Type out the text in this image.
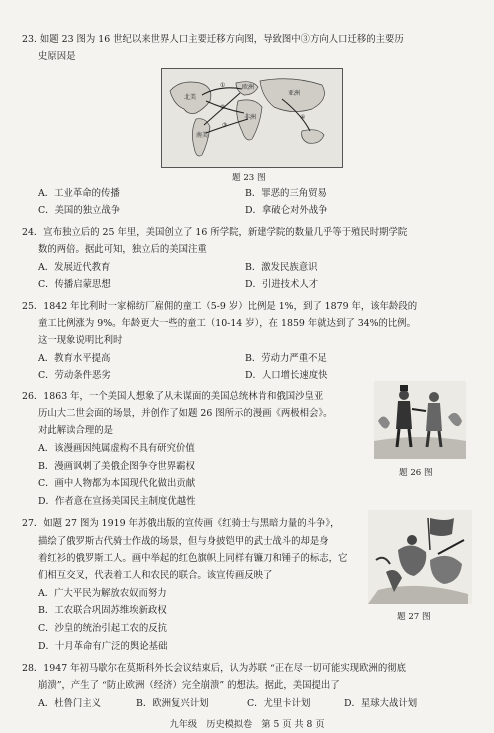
23. 如题 23 图为 16 世纪以来世界人口主要迁移方向图，导致图中③方向人口迁移的主要历
史原因是
北美
南美
非洲
亚洲
欧洲
①
②
③
④
题 23 图
A．工业革命的传播	B．罪恶的三角贸易
C．美国的独立战争	D．拿破仑对外战争
24．宣布独立后的 25 年里，美国创立了 16 所学院，新建学院的数量几乎等于殖民时期学院
数的两倍。据此可知，独立后的美国注重
A．发展近代教育	B．激发民族意识
C．传播启蒙思想	D．引进技术人才
25．1842 年比利时一家棉纺厂雇佣的童工（5-9 岁）比例是 1%，到了 1879 年，该年龄段的
童工比例涨为 9%。年龄更大一些的童工（10-14 岁），在 1859 年就达到了 34%的比例。
这一现象说明比利时
A．教育水平提高	B．劳动力严重不足
C．劳动条件恶劣	D．人口增长速度快
26．1863 年，一个美国人想象了从未谋面的美国总统林肯和俄国沙皇亚
历山大二世会面的场景，并创作了如题 26 图所示的漫画《两极相会》。
对此解读合理的是
A．该漫画因纯属虚构不具有研究价值
B．漫画讽刺了美俄企图争夺世界霸权
C．画中人物都为本国现代化做出贡献
D．作者意在宣扬美国民主制度优越性
题 26 图
27．如题 27 图为 1919 年苏俄出版的宣传画《红骑士与黑暗力量的斗争》，
描绘了俄罗斯古代骑士作战的场景，但与身披铠甲的武士战斗的却是身
着红衫的俄罗斯工人。画中举起的红色旗帜上同样有镰刀和锤子的标志，它
们相互交叉，代表着工人和农民的联合。该宣传画反映了
A．广大平民为解放农奴而努力
B．工农联合巩固苏维埃新政权
C．沙皇的统治引起工农的反抗
D．十月革命有广泛的舆论基础
题 27 图
28．1947 年初马歇尔在莫斯科外长会议结束后，认为苏联 “正在尽一切可能实现欧洲的彻底
崩溃”，产生了 “防止欧洲（经济）完全崩溃” 的想法。据此，美国提出了
A．杜鲁门主义	B．欧洲复兴计划	C．尤里卡计划	D．星球大战计划
九年级　历史模拟卷　第 5 页 共 8 页
